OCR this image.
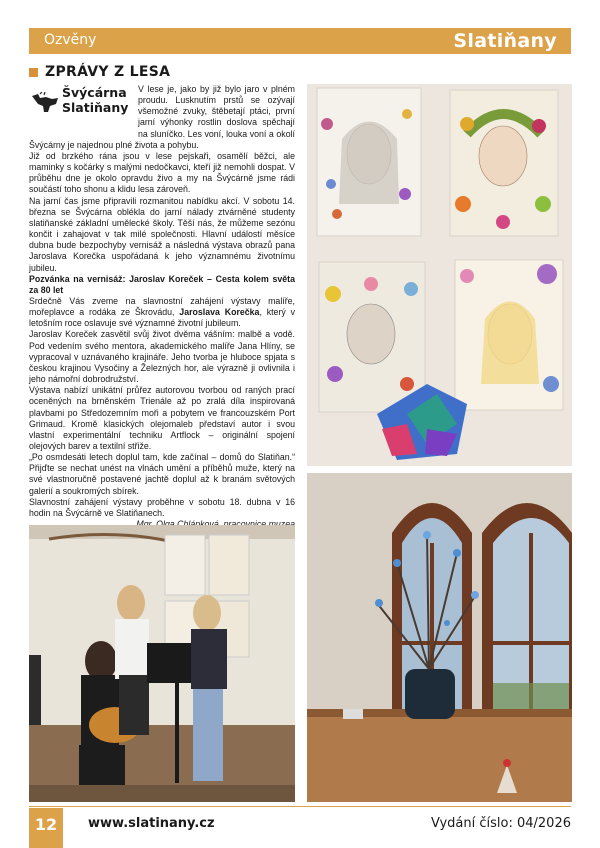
Ozvěny	Slatiňany
ZPRÁVY Z LESA

V lese je, jako by již bylo jaro v plném proudu. Lusknutím prstů se ozývají všemožné zvuky, štěbetají ptáci, první jarní výhonky rostlin doslova spěchají na sluníčko. Les voní, louka voní a okolí Švýcárny je najednou plné života a pohybu.

Již od brzkého rána jsou v lese pejskaři, osamělí běžci, ale maminky s kočárky s malými nedočkavci, kteří již nemohli dospat. V průběhu dne je okolo opravdu živo a my na Švýcárně jsme rádi součástí toho shonu a klidu lesa zároveň.

Na jarní čas jsme připravili rozmanitou nabídku akcí. V sobotu 14. března se Švýcárna oblékla do jarní nálady ztvárněné studenty slatiňanské základní umělecké školy. Těší nás, že můžeme sezónu končit i zahajovat v tak milé společnosti. Hlavní událostí měsíce dubna bude bezpochyby vernisáž a následná výstava obrazů pana Jaroslava Korečka uspořádaná k jeho významnému životnímu jubileu.

Pozvánka na vernisáž: Jaroslav Koreček – Cesta kolem světa za 80 let

Srdečně Vás zveme na slavnostní zahájení výstavy malíře, mořeplavce a rodáka ze Škrovádu, Jaroslava Korečka, který v letošním roce oslavuje své významné životní jubileum.

Jaroslav Koreček zasvětil svůj život dvěma vášním: malbě a vodě. Pod vedením svého mentora, akademického malíře Jana Hlíny, se vypracoval v uznávaného krajináře. Jeho tvorba je hluboce spjata s českou krajinou Vysočiny a Železných hor, ale výrazně ji ovlivnila i jeho námořní dobrodružství.

Výstava nabízí unikátní průřez autorovou tvorbou od raných prací oceněných na brněnském Trienále až po zralá díla inspirovaná plavbami po Středozemním moři a pobytem ve francouzském Port Grimaud. Kromě klasických olejomaleb představí autor i svou vlastní experimentální techniku Artflock – originální spojení olejových barev a textilní střiže.

„Po osmdesáti letech doplul tam, kde začínal – domů do Slatiňan.“ Přijďte se nechat unést na vlnách umění a příběhů muže, který na své vlastnoručně postavené jachtě doplul až k branám světových galerií a soukromých sbírek.

Slavnostní zahájení výstavy proběhne v sobotu 18. dubna v 16 hodin na Švýcárně ve Slatiňanech.

Švýcárna
Slatiňany
12	www.slatinany.cz	Vydání číslo: 04/2026
